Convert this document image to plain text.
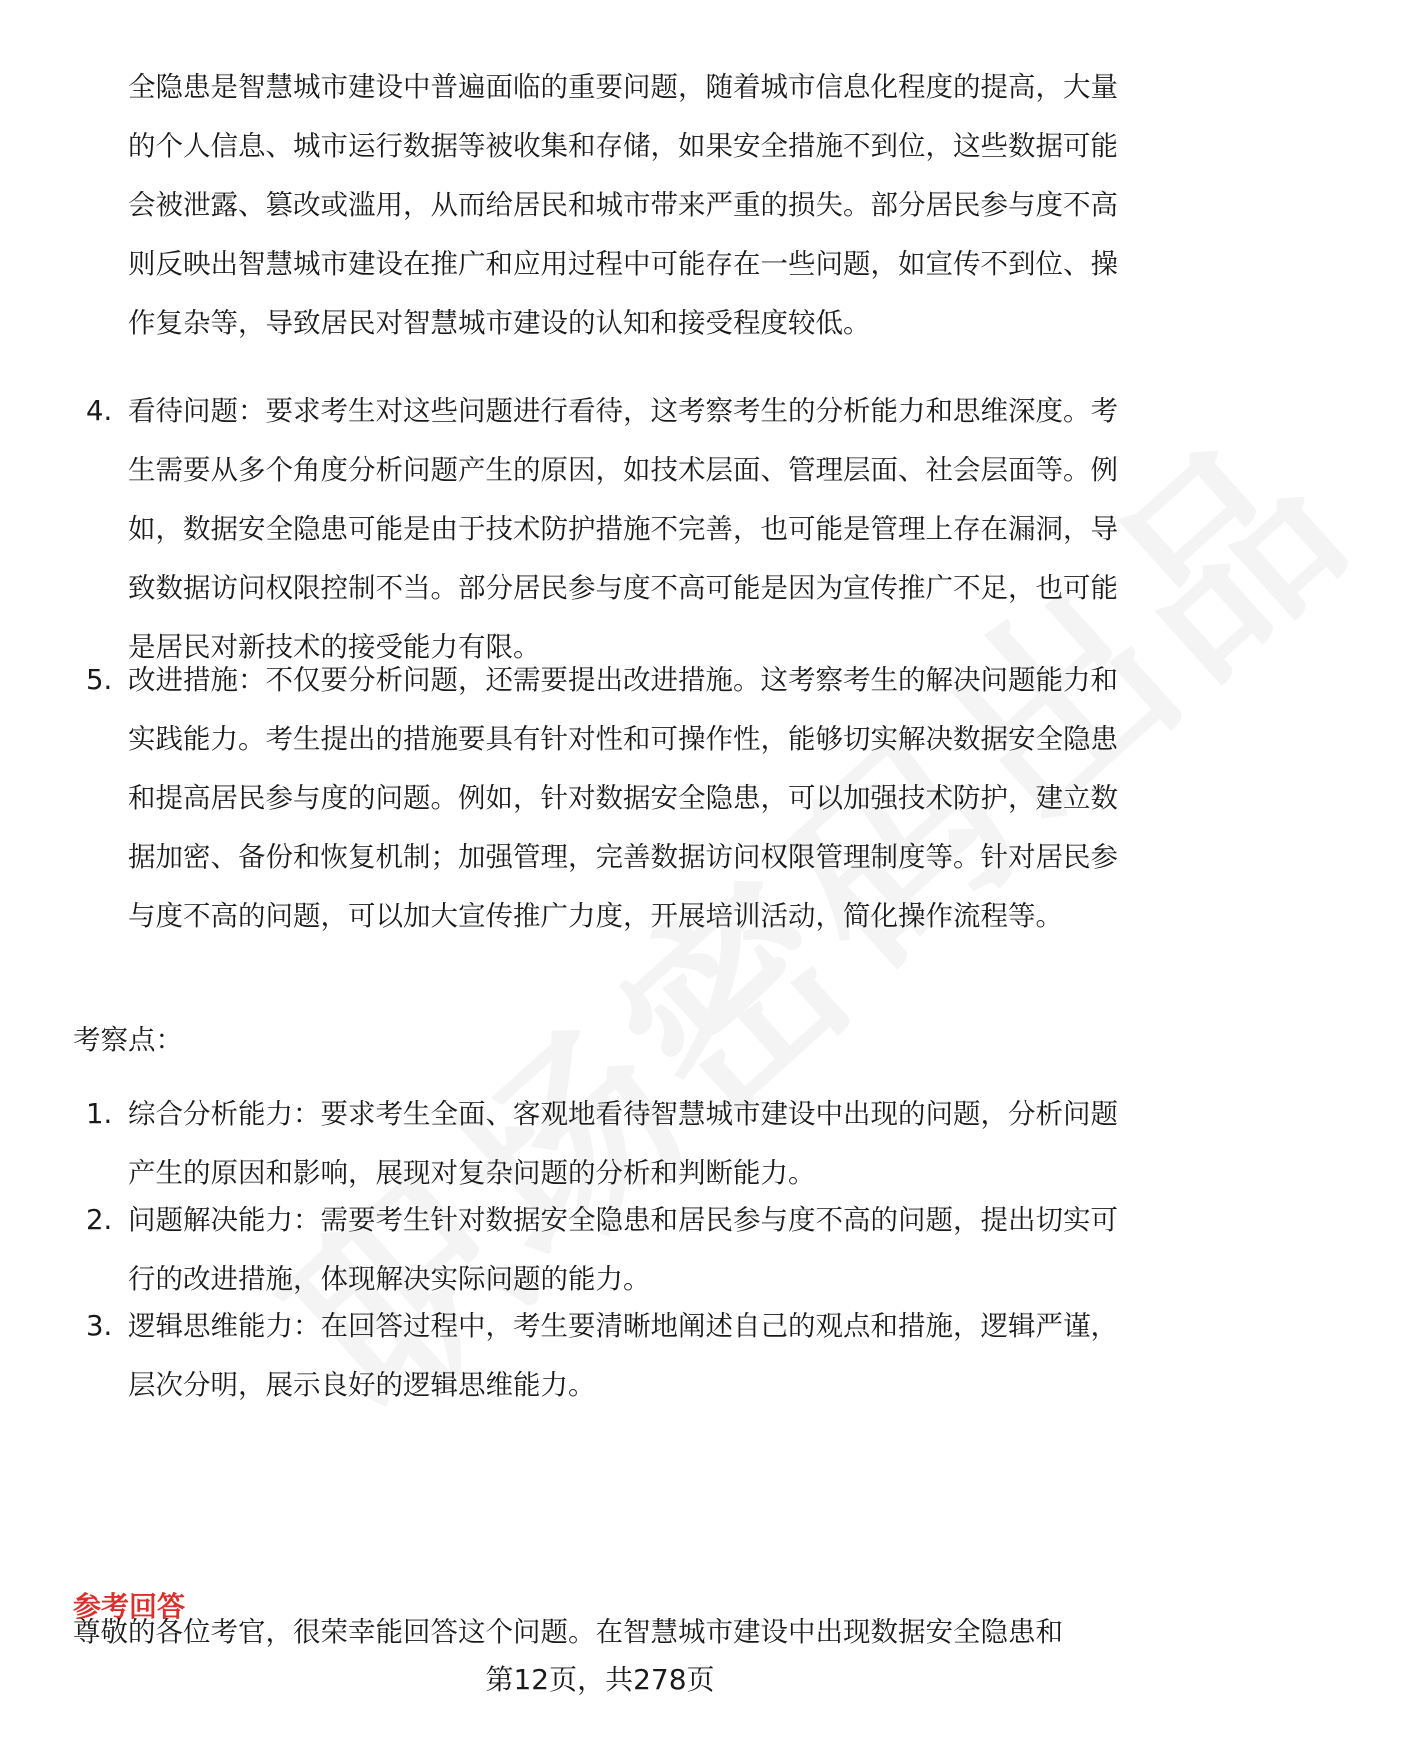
全隐患是智慧城市建设中普遍面临的重要问题，随着城市信息化程度的提高，大量的个人信息、城市运行数据等被收集和存储，如果安全措施不到位，这些数据可能会被泄露、篡改或滥用，从而给居民和城市带来严重的损失。部分居民参与度不高则反映出智慧城市建设在推广和应用过程中可能存在一些问题，如宣传不到位、操作复杂等，导致居民对智慧城市建设的认知和接受程度较低。
4. 看待问题：要求考生对这些问题进行看待，这考察考生的分析能力和思维深度。考生需要从多个角度分析问题产生的原因，如技术层面、管理层面、社会层面等。例如，数据安全隐患可能是由于技术防护措施不完善，也可能是管理上存在漏洞，导致数据访问权限控制不当。部分居民参与度不高可能是因为宣传推广不足，也可能是居民对新技术的接受能力有限。
5. 改进措施：不仅要分析问题，还需要提出改进措施。这考察考生的解决问题能力和实践能力。考生提出的措施要具有针对性和可操作性，能够切实解决数据安全隐患和提高居民参与度的问题。例如，针对数据安全隐患，可以加强技术防护，建立数据加密、备份和恢复机制；加强管理，完善数据访问权限管理制度等。针对居民参与度不高的问题，可以加大宣传推广力度，开展培训活动，简化操作流程等。
考察点：
1. 综合分析能力：要求考生全面、客观地看待智慧城市建设中出现的问题，分析问题产生的原因和影响，展现对复杂问题的分析和判断能力。
2. 问题解决能力：需要考生针对数据安全隐患和居民参与度不高的问题，提出切实可行的改进措施，体现解决实际问题的能力。
3. 逻辑思维能力：在回答过程中，考生要清晰地阐述自己的观点和措施，逻辑严谨，层次分明，展示良好的逻辑思维能力。
参考回答
尊敬的各位考官，很荣幸能回答这个问题。在智慧城市建设中出现数据安全隐患和
第12页，共278页
